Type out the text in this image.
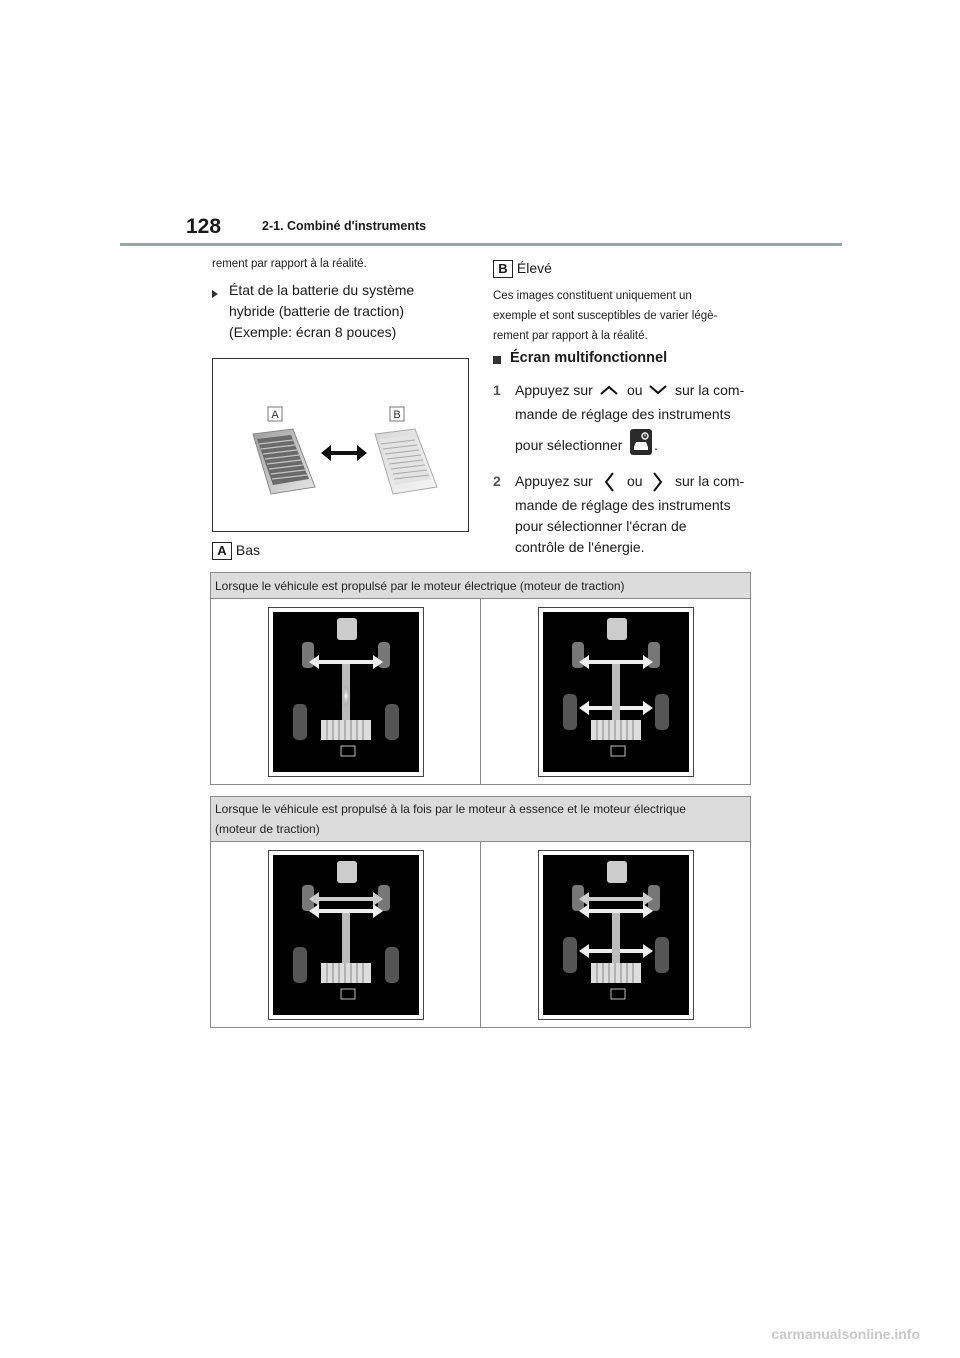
128	2-1. Combiné d'instruments
rement par rapport à la réalité.
État de la batterie du système
hybride (batterie de traction)
(Exemple: écran 8 pouces)
A	B
A Bas
B Élevé
Ces images constituent uniquement un
exemple et sont susceptibles de varier légè-
rement par rapport à la réalité.
Écran multifonctionnel
1 Appuyez sur ou sur la com-
mande de réglage des instruments
pour sélectionner .
2 Appuyez sur ou sur la com-
mande de réglage des instruments
pour sélectionner l'écran de
contrôle de l'énergie.
Lorsque le véhicule est propulsé par le moteur électrique (moteur de traction)

Lorsque le véhicule est propulsé à la fois par le moteur à essence et le moteur électrique
(moteur de traction)

carmanualsonline.info
